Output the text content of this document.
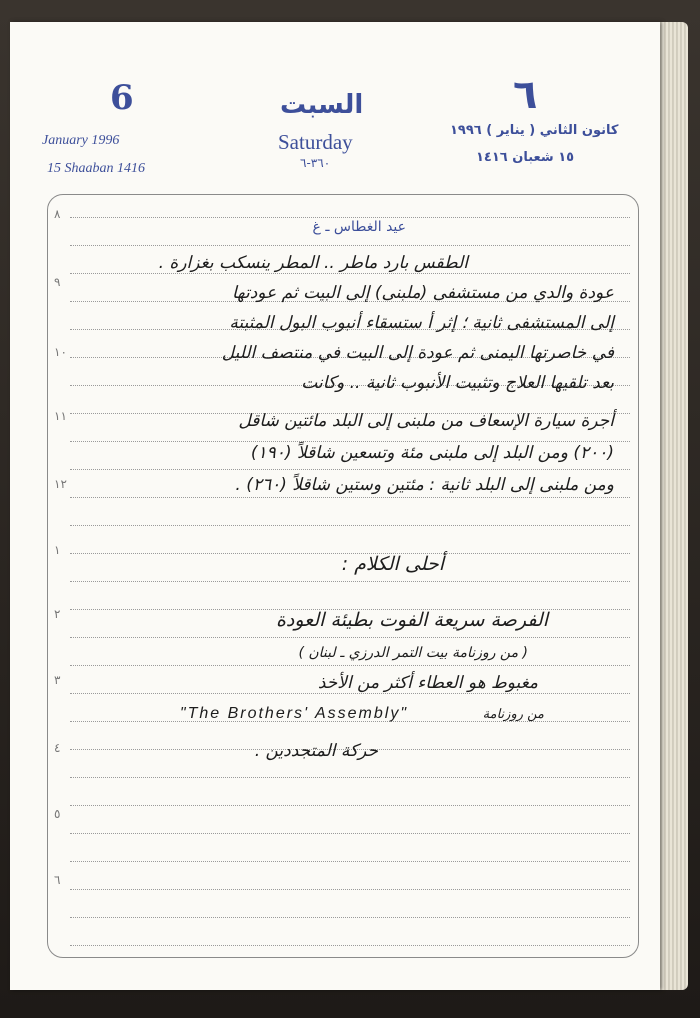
6	٦
السبت
Saturday
٣٦٠-٦
January 1996
15 Shaaban 1416
كانون الثاني ( يناير ) ١٩٩٦
١٥ شعبان ١٤١٦
٨
٩
١٠
١١
١٢
١
٢
٣
٤
٥
٦
عيد الغطاس ـ غ
الطقس بارد ماطر .. المطر ينسكب بغزارة .
عودة والدي من مستشفى (ملبنى) إلى البيت ثم عودتها
إلى المستشفى ثانية ؛ إثر أ ستسقاء أنبوب البول المثبتة
في خاصرتها اليمنى ثم عودة إلى البيت في منتصف الليل
بعد تلقيها العلاج وتثبيت الأنبوب ثانية .. وكانت
أجرة سيارة الإسعاف من ملبنى إلى البلد مائتين شاقل
(٢٠٠) ومن البلد إلى ملبنى مئة وتسعين شاقلاً (١٩٠)
ومن ملبنى إلى البلد ثانية : مئتين وستين شاقلاً (٢٦٠) .
أحلى الكلام :
الفرصة سريعة الفوت بطيئة العودة
( من روزنامة بيت التمر الدرزي ـ لبنان )
مغبوط هو العطاء أكثر من الأخذ
"The Brothers' Assembly"	من روزنامة
حركة المتجددين .
